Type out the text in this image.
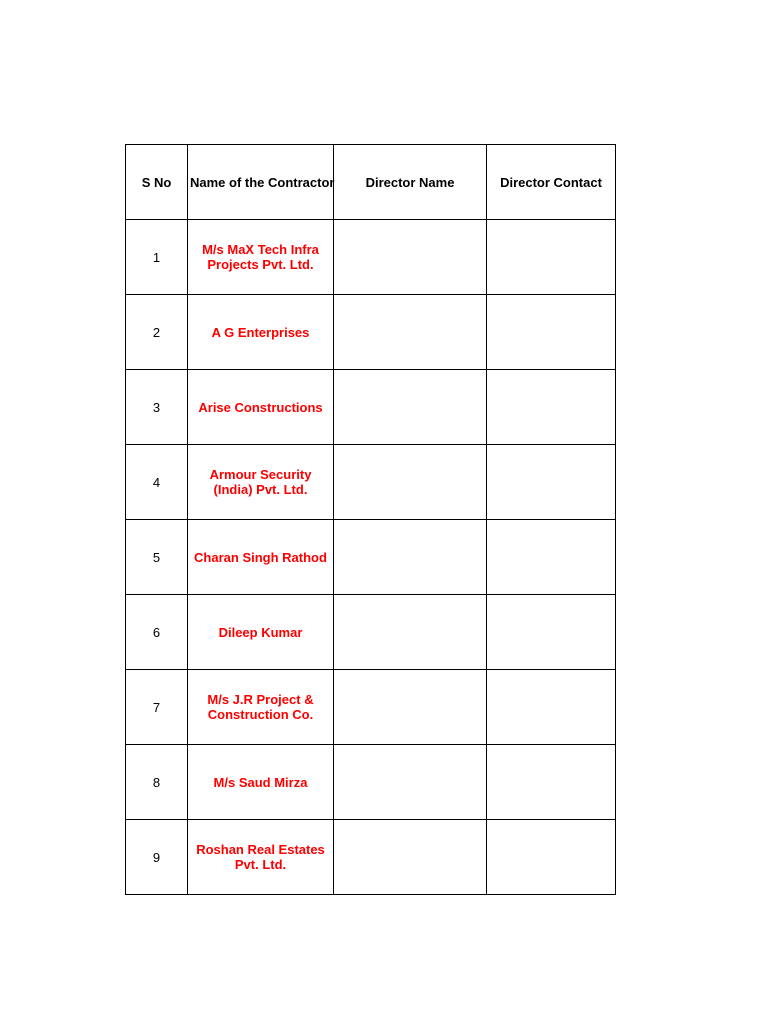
S No	Name of the Contractor	Director Name	Director Contact
1	M/s MaX Tech Infra Projects Pvt. Ltd.		
2	A G Enterprises		
3	Arise Constructions		
4	Armour Security (India) Pvt. Ltd.		
5	Charan Singh Rathod		
6	Dileep Kumar		
7	M/s J.R Project & Construction Co.		
8	M/s Saud Mirza		
9	Roshan Real Estates Pvt. Ltd.		
